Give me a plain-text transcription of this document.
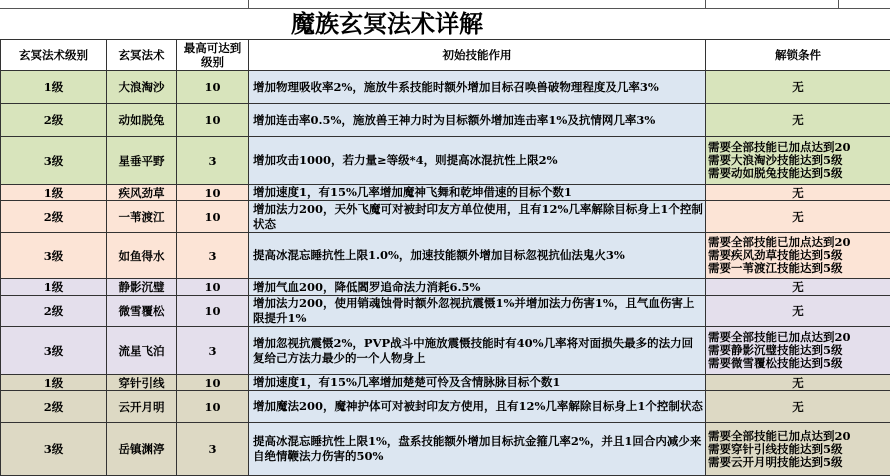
魔族玄冥法术详解
玄冥法术级别	玄冥法术	最高可达到级别	初始技能作用	解锁条件
1级	大浪淘沙	10	增加物理吸收率2%，施放牛系技能时额外增加目标召唤兽破物理程度及几率3%	无

2级	动如脱兔	10	增加连击率0.5%，施放兽王神力时为目标额外增加连击率1%及抗情网几率3%	无

3级	星垂平野	3	增加攻击1000，若力量≥等级*4，则提高冰混抗性上限2%	需要全部技能已加点达到20
需要大浪淘沙技能达到5级
需要动如脱兔技能达到5级

1级	疾风劲草	10	增加速度1，有15%几率增加魔神飞舞和乾坤借速的目标个数1	无

2级	一苇渡江	10	增加法力200，天外飞魔可对被封印友方单位使用，且有12%几率解除目标身上1个控制状态	无

3级	如鱼得水	3	提高冰混忘睡抗性上限1.0%，加速技能额外增加目标忽视抗仙法鬼火3%	需要全部技能已加点达到20
需要疾风劲草技能达到5级
需要一苇渡江技能达到5级

1级	静影沉璧	10	增加气血200，降低閻罗追命法力消耗6.5%	无

2级	微雪覆松	10	增加法力200，使用销魂蚀骨时额外忽视抗震慑1%并增加法力伤害1%，且气血伤害上限提升1%	无

3级	流星飞泊	3	增加忽视抗震慑2%，PVP战斗中施放震慑技能时有40%几率将对面损失最多的法力回复给己方法力最少的一个人物身上	需要全部技能已加点达到20
需要静影沉璧技能达到5级
需要微雪覆松技能达到5级

1级	穿针引线	10	增加速度1，有15%几率增加楚楚可怜及含情脉脉目标个数1	无

2级	云开月明	10	增加魔法200，魔神护体可对被封印友方使用，且有12%几率解除目标身上1个控制状态	无

3级	岳镇渊渟	3	提高冰混忘睡抗性上限1%，盘系技能额外增加目标抗金箍几率2%，并且1回合内减少来自绝情鞭法力伤害的50%	需要全部技能已加点达到20
需要穿针引线技能达到5级
需要云开月明技能达到5级
